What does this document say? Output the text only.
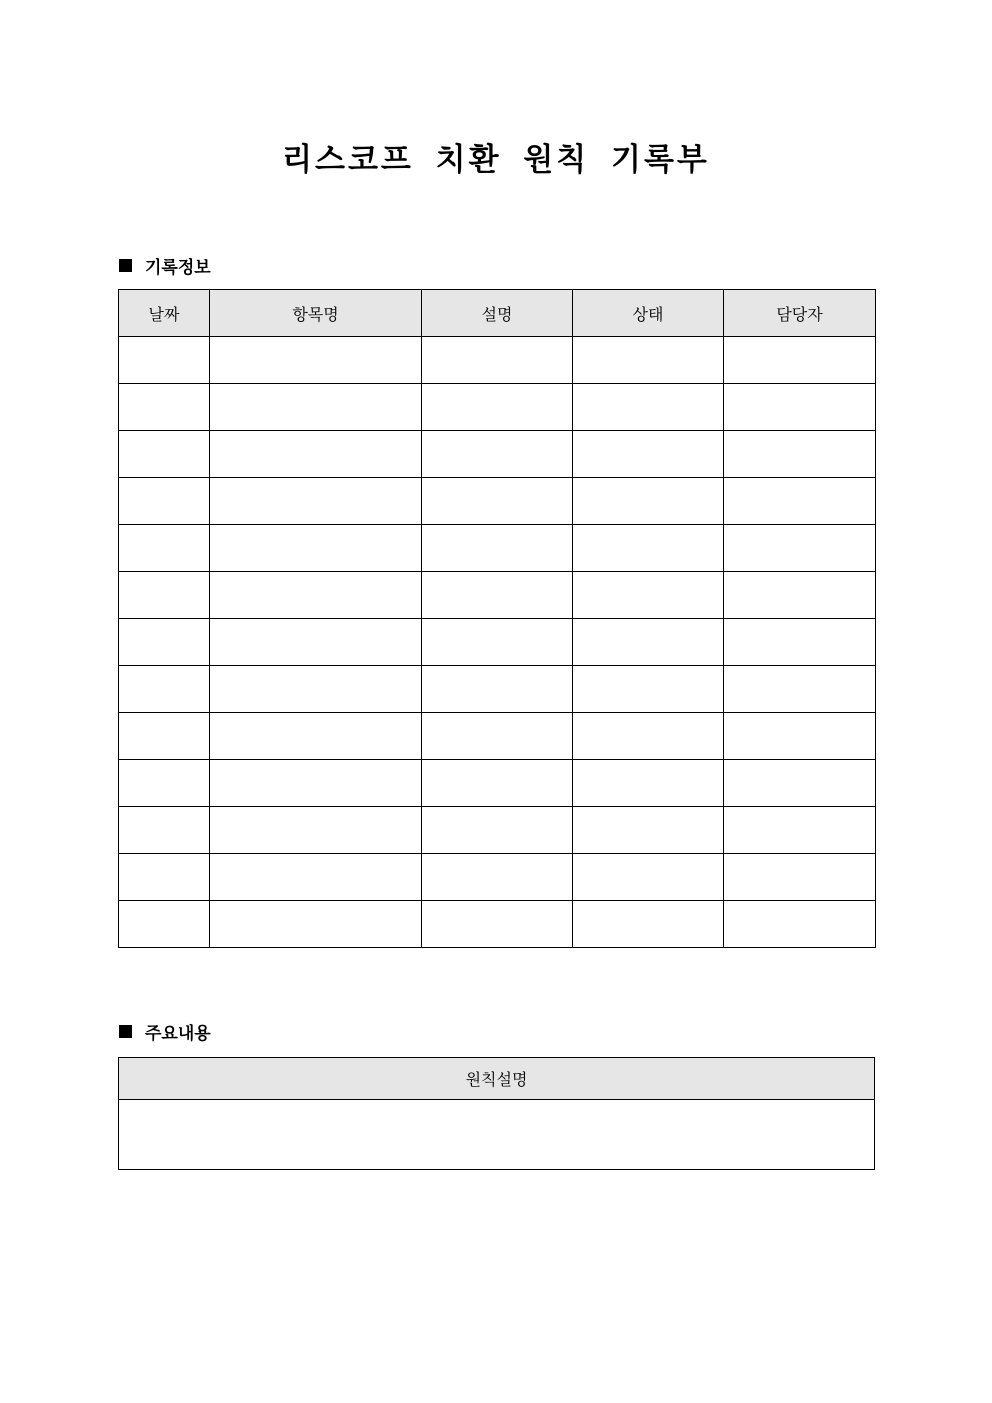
리스코프 치환 원칙 기록부
기록정보
날짜	항목명	설명	상태	담당자

주요내용
원칙설명
